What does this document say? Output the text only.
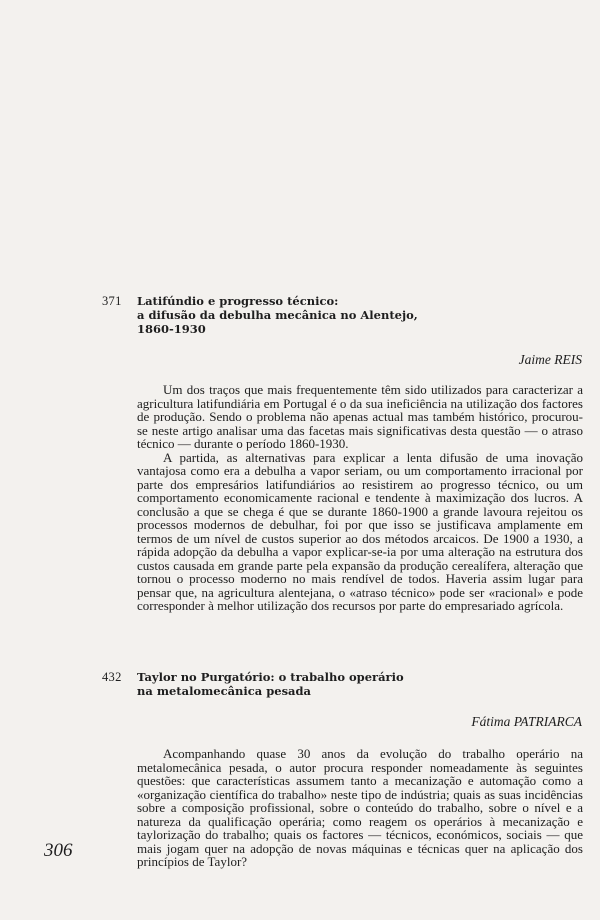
371 Latifúndio e progresso técnico:
a difusão da debulha mecânica no Alentejo,
1860-1930
Jaime REIS

Um dos traços que mais frequentemente têm sido utilizados para caracterizar a agricultura latifundiária em Portugal é o da sua ineficiência na utilização dos factores de produção. Sendo o problema não apenas actual mas também histórico, procurou-se neste artigo analisar uma das facetas mais significativas desta questão — o atraso técnico — durante o período 1860-1930.

A partida, as alternativas para explicar a lenta difusão de uma inovação vantajosa como era a debulha a vapor seriam, ou um comportamento irracional por parte dos empresários latifundiários ao resistirem ao progresso técnico, ou um comportamento economicamente racional e tendente à maximização dos lucros. A conclusão a que se chega é que se durante 1860-1900 a grande lavoura rejeitou os processos modernos de debulhar, foi por que isso se justificava amplamente em termos de um nível de custos superior ao dos métodos arcaicos. De 1900 a 1930, a rápida adopção da debulha a vapor explicar-se-ia por uma alteração na estrutura dos custos causada em grande parte pela expansão da produção cerealífera, alteração que tornou o processo moderno no mais rendível de todos. Haveria assim lugar para pensar que, na agricultura alentejana, o «atraso técnico» pode ser «racional» e pode corresponder à melhor utilização dos recursos por parte do empresariado agrícola.

432 Taylor no Purgatório: o trabalho operário
na metalomecânica pesada
Fátima PATRIARCA

Acompanhando quase 30 anos da evolução do trabalho operário na metalomecânica pesada, o autor procura responder nomeadamente às seguintes questões: que características assumem tanto a mecanização e automação como a «organização científica do trabalho» neste tipo de indústria; quais as suas incidências sobre a composição profissional, sobre o conteúdo do trabalho, sobre o nível e a natureza da qualificação operária; como reagem os operários à mecanização e taylorização do trabalho; quais os factores — técnicos, económicos, sociais — que mais jogam quer na adopção de novas máquinas e técnicas quer na aplicação dos princípios de Taylor?

306
